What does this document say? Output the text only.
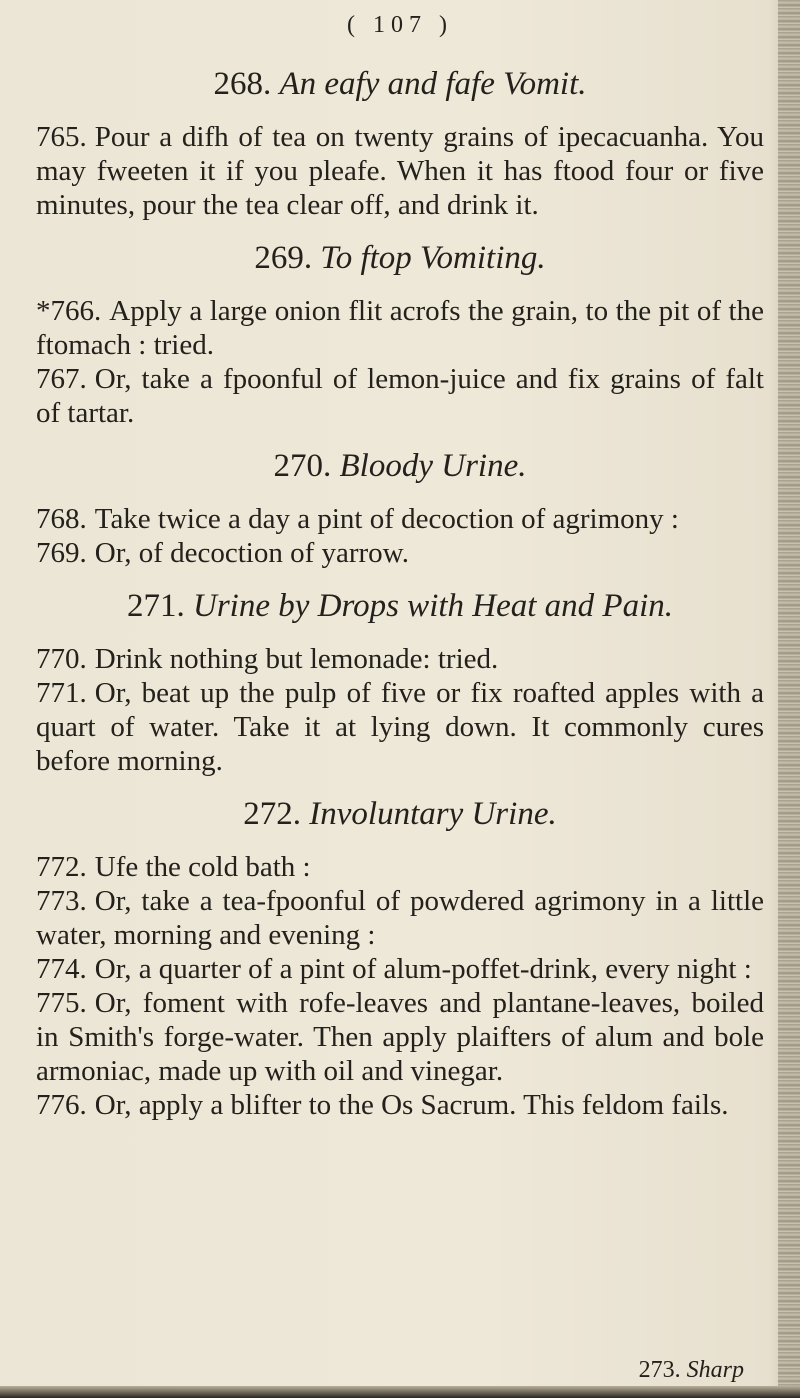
( 107 )
268. An eafy and fafe Vomit.

765. Pour a difh of tea on twenty grains of ipecacuanha. You may fweeten it if you pleafe. When it has ftood four or five minutes, pour the tea clear off, and drink it.

269. To ftop Vomiting.

*766. Apply a large onion flit acrofs the grain, to the pit of the ftomach : tried.

767. Or, take a fpoonful of lemon-juice and fix grains of falt of tartar.

270. Bloody Urine.

768. Take twice a day a pint of decoction of agrimony :

769. Or, of decoction of yarrow.

271. Urine by Drops with Heat and Pain.

770. Drink nothing but lemonade: tried.

771. Or, beat up the pulp of five or fix roafted apples with a quart of water. Take it at lying down. It commonly cures before morning.

272. Involuntary Urine.

772. Ufe the cold bath :

773. Or, take a tea-fpoonful of powdered agrimony in a little water, morning and evening :

774. Or, a quarter of a pint of alum-poffet-drink, every night :

775. Or, foment with rofe-leaves and plantane-leaves, boiled in Smith's forge-water. Then apply plaifters of alum and bole armoniac, made up with oil and vinegar.

776. Or, apply a blifter to the Os Sacrum. This feldom fails.

273. Sharp
